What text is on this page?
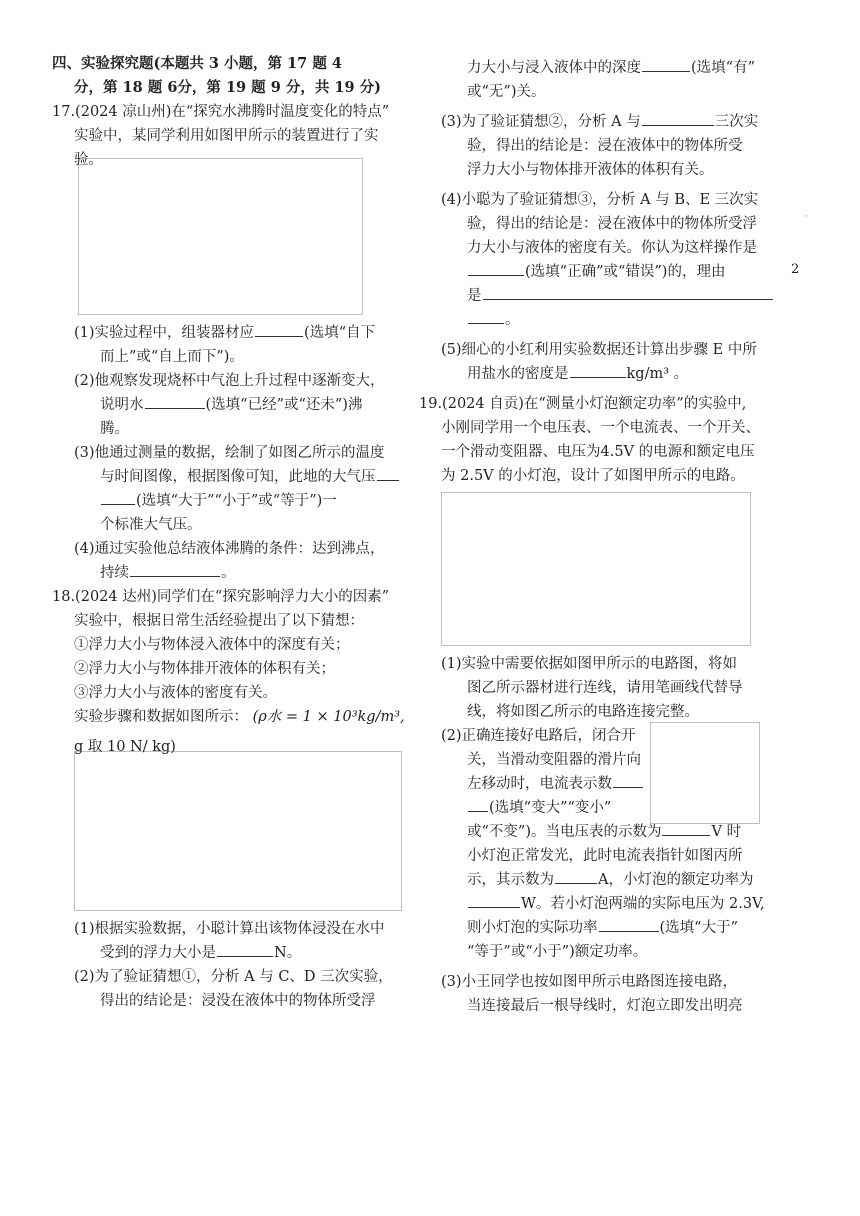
四、实验探究题(本题共 3 小题，第 17 题 4
分，第 18 题 6分，第 19 题 9 分，共 19 分)
17.(2024 凉山州)在“探究水沸腾时温度变化的特点”
实验中，某同学利用如图甲所示的装置进行了实
验。
(1)实验过程中，组装器材应	(选填“自下
而上”或“自上而下”)。
(2)他观察发现烧杯中气泡上升过程中逐渐变大，
说明水	(选填“已经”或“还未”)沸
腾。
(3)他通过测量的数据，绘制了如图乙所示的温度
与时间图像，根据图像可知，此地的大气压
(选填“大于”“小于”或“等于”)一
个标准大气压。
(4)通过实验他总结液体沸腾的条件：达到沸点，
持续	。
18.(2024 达州)同学们在“探究影响浮力大小的因素”
实验中，根据日常生活经验提出了以下猜想：
①浮力大小与物体浸入液体中的深度有关；
②浮力大小与物体排开液体的体积有关；
③浮力大小与液体的密度有关。
实验步骤和数据如图所示： (ρ水 = 1 × 10³kg/m³,
g 取 10 N/ kg)
(1)根据实验数据，小聪计算出该物体浸没在水中
受到的浮力大小是	N。
(2)为了验证猜想①，分析 A 与 C、D 三次实验，
得出的结论是：浸没在液体中的物体所受浮
力大小与浸入液体中的深度	(选填“有”
或“无”)关。
(3)为了验证猜想②，分析 A 与	三次实
验，得出的结论是：浸在液体中的物体所受
浮力大小与物体排开液体的体积有关。
(4)小聪为了验证猜想③，分析 A 与 B、E 三次实
验，得出的结论是：浸在液体中的物体所受浮
力大小与液体的密度有关。你认为这样操作是
(选填“正确”或“错误”)的，理由
是
。
(5)细心的小红利用实验数据还计算出步骤 E 中所
用盐水的密度是	kg/m³ 。
19.(2024 自贡)在“测量小灯泡额定功率”的实验中,
小刚同学用一个电压表、一个电流表、一个开关、
一个滑动变阻器、电压为4.5V 的电源和额定电压
为 2.5V 的小灯泡，设计了如图甲所示的电路。
(1)实验中需要依据如图甲所示的电路图，将如
图乙所示器材进行连线，请用笔画线代替导
线，将如图乙所示的电路连接完整。
(2)正确连接好电路后，闭合开
关，当滑动变阻器的滑片向
左移动时，电流表示数
(选填“变大”“变小”
或“不变”)。当电压表的示数为	V 时
小灯泡正常发光，此时电流表指针如图丙所
示，其示数为	A，小灯泡的额定功率为
W。若小灯泡两端的实际电压为 2.3V,
则小灯泡的实际功率	(选填“大于”
“等于”或“小于”)额定功率。
(3)小王同学也按如图甲所示电路图连接电路，
当连接最后一根导线时，灯泡立即发出明亮
··
2
